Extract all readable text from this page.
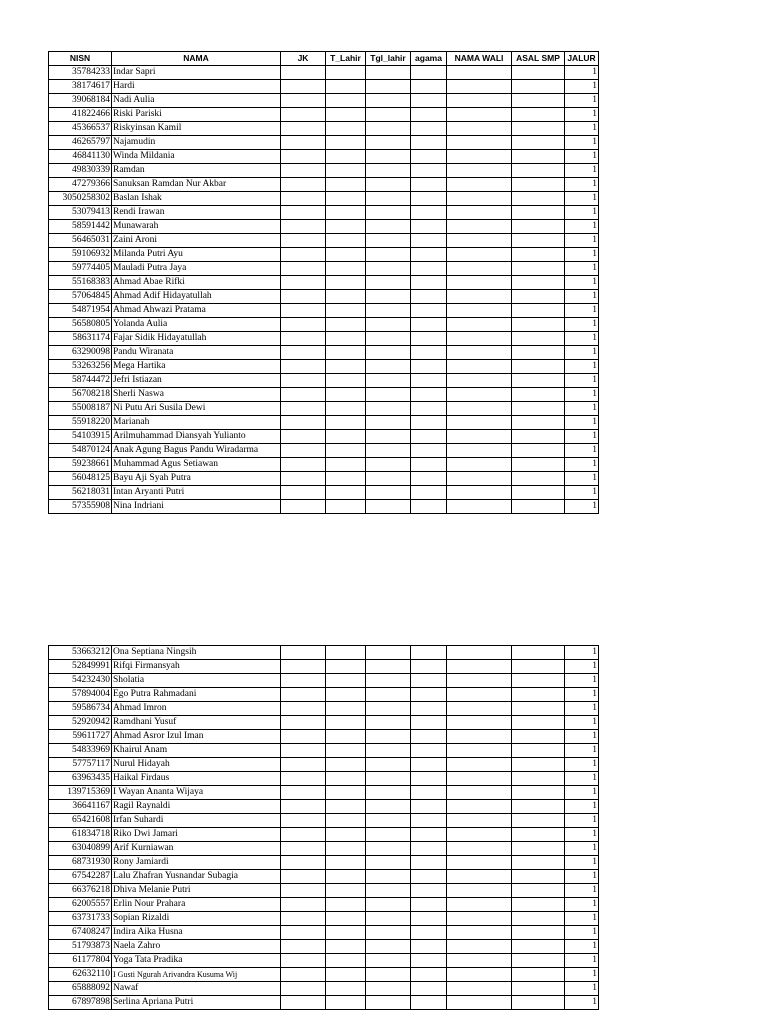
NISN	NAMA	JK	T_Lahir	Tgl_lahir	agama	NAMA WALI	ASAL SMP	JALUR
35784233	Indar Sapri							1
38174617	Hardi							1
39068184	Nadi Aulia							1
41822466	Riski Pariski							1
45366537	Riskyinsan Kamil							1
46265797	Najamudin							1
46841130	Winda Mildania							1
49830339	Ramdan							1
47279366	Sanuksan Ramdan Nur Akbar							1
3050258302	Baslan Ishak							1
53079413	Rendi Irawan							1
58591442	Munawarah							1
56465031	Zaini Aroni							1
59106932	Milanda Putri Ayu							1
59774405	Mauladi Putra Jaya							1
55168383	Ahmad Abae Rifki							1
57064845	Ahmad Adif Hidayatullah							1
54871954	Ahmad Ahwazi Pratama							1
56580805	Yolanda Aulia							1
58631174	Fajar Sidik Hidayatullah							1
63290098	Pandu Wiranata							1
53263256	Mega Hartika							1
58744472	Jefri Istiazan							1
56708218	Sherli Naswa							1
55008187	Ni Putu Ari Susila Dewi							1
55918220	Marianah							1
54103915	Arilmuhammad Diansyah Yulianto							1
54870124	Anak Agung Bagus Pandu Wiradarma							1
59238661	Muhammad Agus Setiawan							1
56048125	Bayu Aji Syah Putra							1
56218031	Intan Aryanti Putri							1
57355908	Nina Indriani							1
53663212	Ona Septiana Ningsih							1
52849991	Rifqi Firmansyah							1
54232430	Sholatia							1
57894004	Ego Putra Rahmadani							1
59586734	Ahmad Imron							1
52920942	Ramdhani Yusuf							1
59611727	Ahmad Asror Izul Iman							1
54833969	Khairul Anam							1
57757117	Nurul Hidayah							1
63963435	Haikal Firdaus							1
139715369	I Wayan Ananta Wijaya							1
36641167	Ragil Raynaldi							1
65421608	Irfan Suhardi							1
61834718	Riko Dwi Jamari							1
63040899	Arif Kurniawan							1
68731930	Rony Jamiardi							1
67542287	Lalu Zhafran Yusnandar Subagia							1
66376218	Dhiva Melanie Putri							1
62005557	Erlin Nour Prahara							1
63731733	Sopian Rizaldi							1
67408247	Indira Aika Husna							1
51793873	Naela Zahro							1
61177804	Yoga Tata Pradika							1
62632110	I Gusti Ngurah Arivandra Kusuma Wij							1
65888092	Nawaf							1
67897898	Serlina Apriana Putri							1
